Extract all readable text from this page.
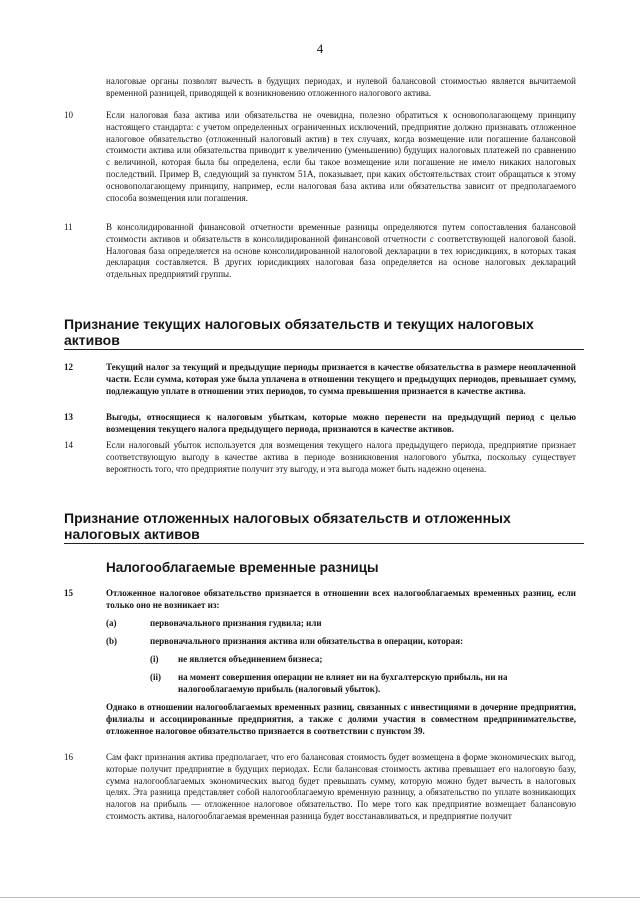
4
налоговые органы позволят вычесть в будущих периодах, и нулевой балансовой стоимостью является вычитаемой временной разницей, приводящей к возникновению отложенного налогового актива.
10	Если налоговая база актива или обязательства не очевидна, полезно обратиться к основополагающему принципу настоящего стандарта: с учетом определенных ограниченных исключений, предприятие должно признавать отложенное налоговое обязательство (отложенный налоговый актив) в тех случаях, когда возмещение или погашение балансовой стоимости актива или обязательства приводит к увеличению (уменьшению) будущих налоговых платежей по сравнению с величиной, которая была бы определена, если бы такое возмещение или погашение не имело никаких налоговых последствий. Пример В, следующий за пунктом 51А, показывает, при каких обстоятельствах стоит обращаться к этому основополагающему принципу, например, если налоговая база актива или обязательства зависит от предполагаемого способа возмещения или погашения.
11	В консолидированной финансовой отчетности временные разницы определяются путем сопоставления балансовой стоимости активов и обязательств в консолидированной финансовой отчетности с соответствующей налоговой базой. Налоговая база определяется на основе консолидированной налоговой декларации в тех юрисдикциях, в которых такая декларация составляется. В других юрисдикциях налоговая база определяется на основе налоговых деклараций отдельных предприятий группы.
Признание текущих налоговых обязательств и текущих налоговых активов
12	Текущий налог за текущий и предыдущие периоды признается в качестве обязательства в размере неоплаченной части. Если сумма, которая уже была уплачена в отношении текущего и предыдущих периодов, превышает сумму, подлежащую уплате в отношении этих периодов, то сумма превышения признается в качестве актива.
13	Выгоды, относящиеся к налоговым убыткам, которые можно перенести на предыдущий период с целью возмещения текущего налога предыдущего периода, признаются в качестве активов.
14	Если налоговый убыток используется для возмещения текущего налога предыдущего периода, предприятие признает соответствующую выгоду в качестве актива в периоде возникновения налогового убытка, поскольку существует вероятность того, что предприятие получит эту выгоду, и эта выгода может быть надежно оценена.
Признание отложенных налоговых обязательств и отложенных налоговых активов
Налогооблагаемые временные разницы
15	Отложенное налоговое обязательство признается в отношении всех налогооблагаемых временных разниц, если только оно не возникает из:
(a)	первоначального признания гудвила; или
(b)	первоначального признания актива или обязательства в операции, которая:
(i) не является объединением бизнеса;
(ii) на момент совершения операции не влияет ни на бухгалтерскую прибыль, ни на налогооблагаемую прибыль (налоговый убыток).
Однако в отношении налогооблагаемых временных разниц, связанных с инвестициями в дочерние предприятия, филиалы и ассоциированные предприятия, а также с долями участия в совместном предпринимательстве, отложенное налоговое обязательство признается в соответствии с пунктом 39.
16	Сам факт признания актива предполагает, что его балансовая стоимость будет возмещена в форме экономических выгод, которые получит предприятие в будущих периодах. Если балансовая стоимость актива превышает его налоговую базу, сумма налогооблагаемых экономических выгод будет превышать сумму, которую можно будет вычесть в налоговых целях. Эта разница представляет собой налогооблагаемую временную разницу, а обязательство по уплате возникающих налогов на прибыль — отложенное налоговое обязательство. По мере того как предприятие возмещает балансовую стоимость актива, налогооблагаемая временная разница будет восстанавливаться, и предприятие получит
